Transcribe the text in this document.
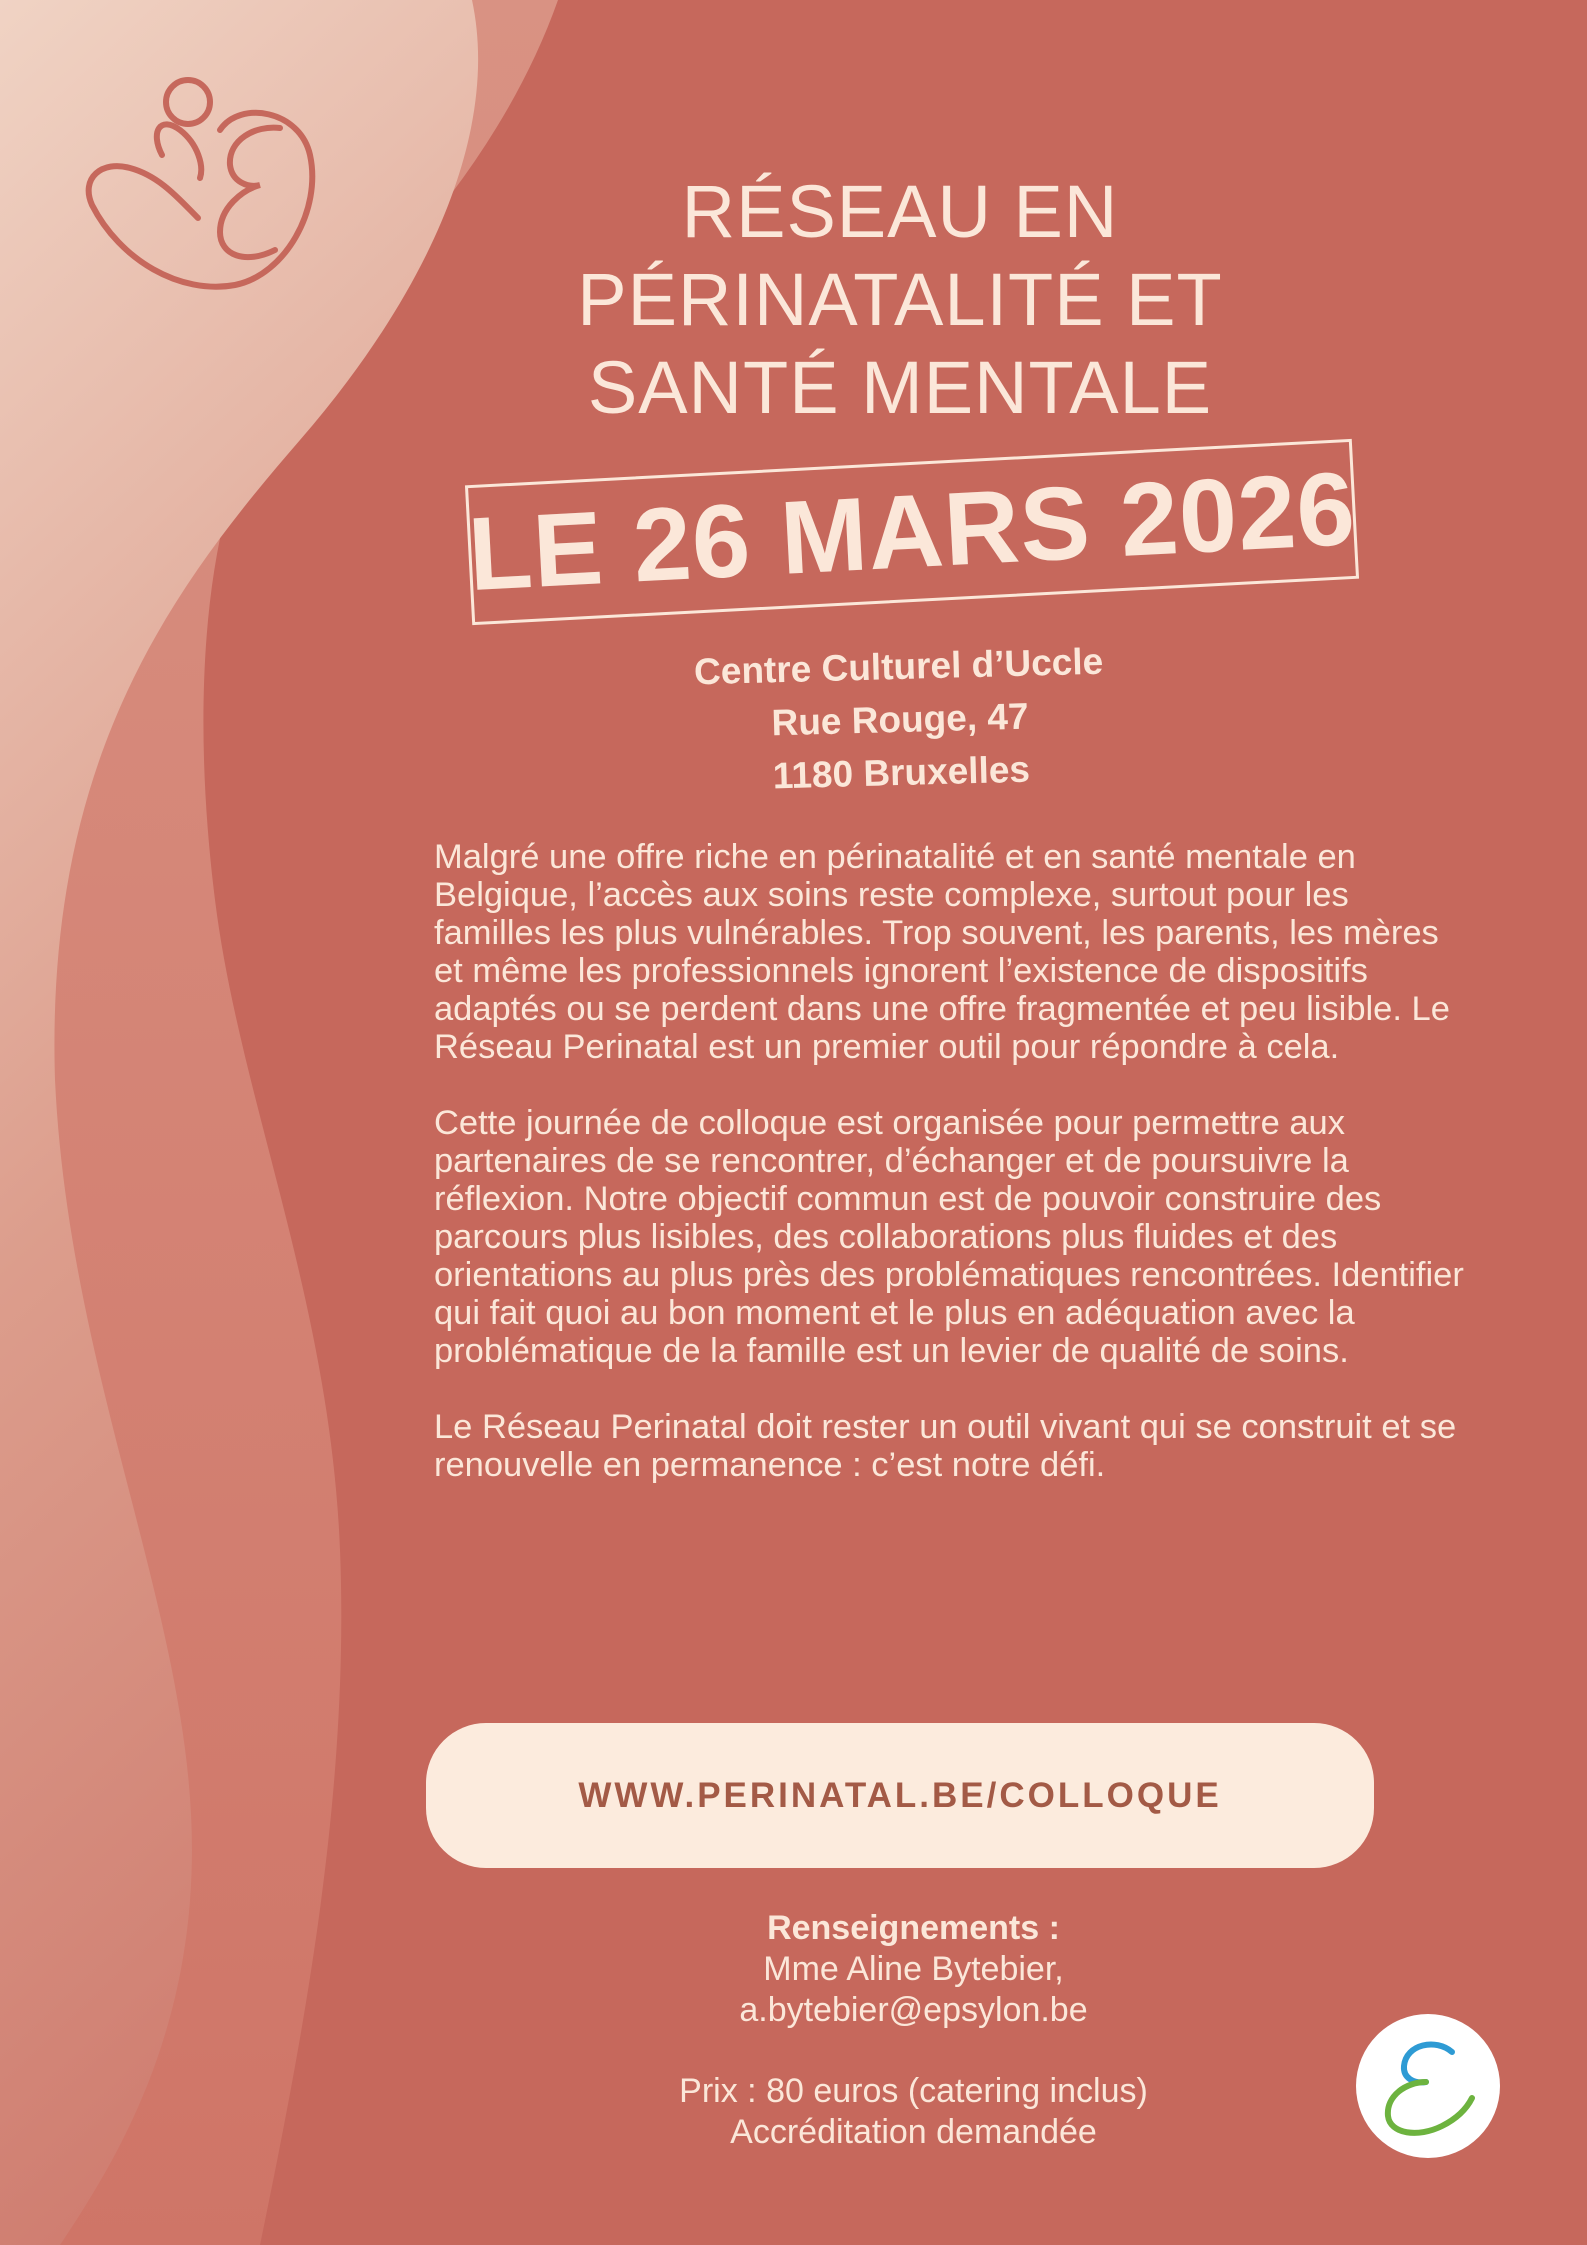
RÉSEAU EN
PÉRINATALITÉ ET
SANTÉ MENTALE
LE 26 MARS 2026
Centre Culturel d’Uccle
Rue Rouge, 47
1180 Bruxelles

Malgré une offre riche en périnatalité et en santé mentale en Belgique, l’accès aux soins reste complexe, surtout pour les familles les plus vulnérables. Trop souvent, les parents, les mères et même les professionnels ignorent l’existence de dispositifs adaptés ou se perdent dans une offre fragmentée et peu lisible. Le Réseau Perinatal est un premier outil pour répondre à cela.

Cette journée de colloque est organisée pour permettre aux partenaires de se rencontrer, d’échanger et de poursuivre la réflexion. Notre objectif commun est de pouvoir construire des parcours plus lisibles, des collaborations plus fluides et des orientations au plus près des problématiques rencontrées. Identifier qui fait quoi au bon moment et le plus en adéquation avec la problématique de la famille est un levier de qualité de soins.

Le Réseau Perinatal doit rester un outil vivant qui se construit et se renouvelle en permanence : c’est notre défi.

WWW.PERINATAL.BE/COLLOQUE
Renseignements :
Mme Aline Bytebier,
a.bytebier@epsylon.be
Prix : 80 euros (catering inclus)
Accréditation demandée
